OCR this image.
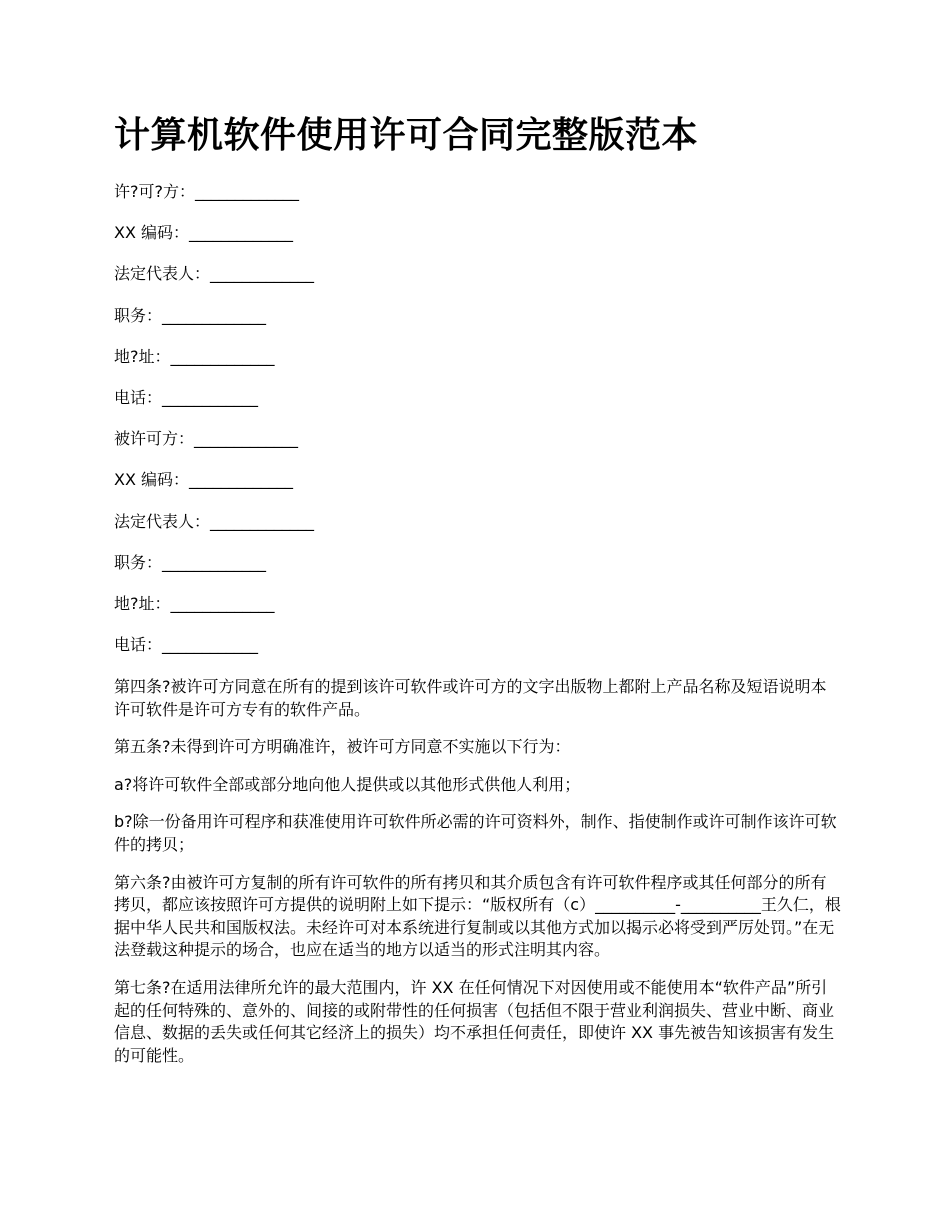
计算机软件使用许可合同完整版范本
许?可?方：_____________
XX 编码：_____________
法定代表人：_____________
职务：_____________
地?址：_____________
电话：____________
被许可方：_____________
XX 编码：_____________
法定代表人：_____________
职务：_____________
地?址：_____________
电话：____________

第四条?被许可方同意在所有的提到该许可软件或许可方的文字出版物上都附上产品名称及短语说明本许可软件是许可方专有的软件产品。

第五条?未得到许可方明确准许，被许可方同意不实施以下行为：

a?将许可软件全部或部分地向他人提供或以其他形式供他人利用；

b?除一份备用许可程序和获准使用许可软件所必需的许可资料外，制作、指使制作或许可制作该许可软件的拷贝；

第六条?由被许可方复制的所有许可软件的所有拷贝和其介质包含有许可软件程序或其任何部分的所有拷贝，都应该按照许可方提供的说明附上如下提示：“版权所有（c）__________-__________王久仁，根据中华人民共和国版权法。未经许可对本系统进行复制或以其他方式加以揭示必将受到严厉处罚。”在无法登载这种提示的场合，也应在适当的地方以适当的形式注明其内容。

第七条?在适用法律所允许的最大范围内，许 XX 在任何情况下对因使用或不能使用本“软件产品”所引起的任何特殊的、意外的、间接的或附带性的任何损害（包括但不限于营业利润损失、营业中断、商业信息、数据的丢失或任何其它经济上的损失）均不承担任何责任，即使许 XX 事先被告知该损害有发生的可能性。
